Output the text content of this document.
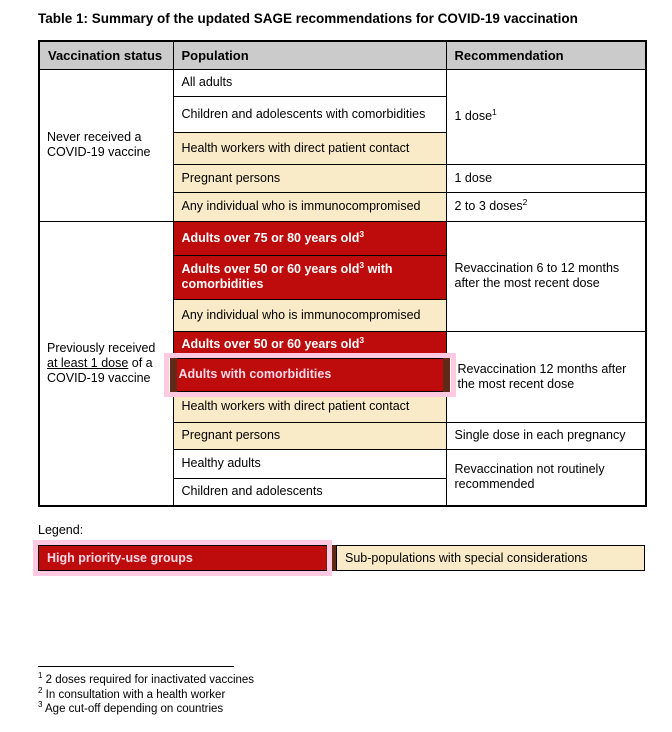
Table 1: Summary of the updated SAGE recommendations for COVID-19 vaccination

Vaccination status	Population	Recommendation

Never received a
COVID-19 vaccine	All adults	1 dose$^1$
	Children and adolescents with comorbidities	
	Health workers with direct patient contact	
	Pregnant persons	1 dose
	Any individual who is immunocompromised	2 to 3 doses$^2$

Previously received
at least 1 dose of a
COVID-19 vaccine	Adults over 75 or 80 years old$^3$	Revaccination 6 to 12 months after the most recent dose
	Adults over 50 or 60 years old$^3$ with comorbidities	
	Any individual who is immunocompromised	
	Adults over 50 or 60 years old$^3$	Revaccination 12 months after the most recent dose
	Adults with comorbidities	
	Health workers with direct patient contact	
	Pregnant persons	Single dose in each pregnancy
	Healthy adults	Revaccination not routinely recommended
	Children and adolescents	
Legend:
High priority-use groups	Sub-populations with special considerations
$^1$ 2 doses required for inactivated vaccines
$^2$ In consultation with a health worker
$^3$ Age cut-off depending on countries
